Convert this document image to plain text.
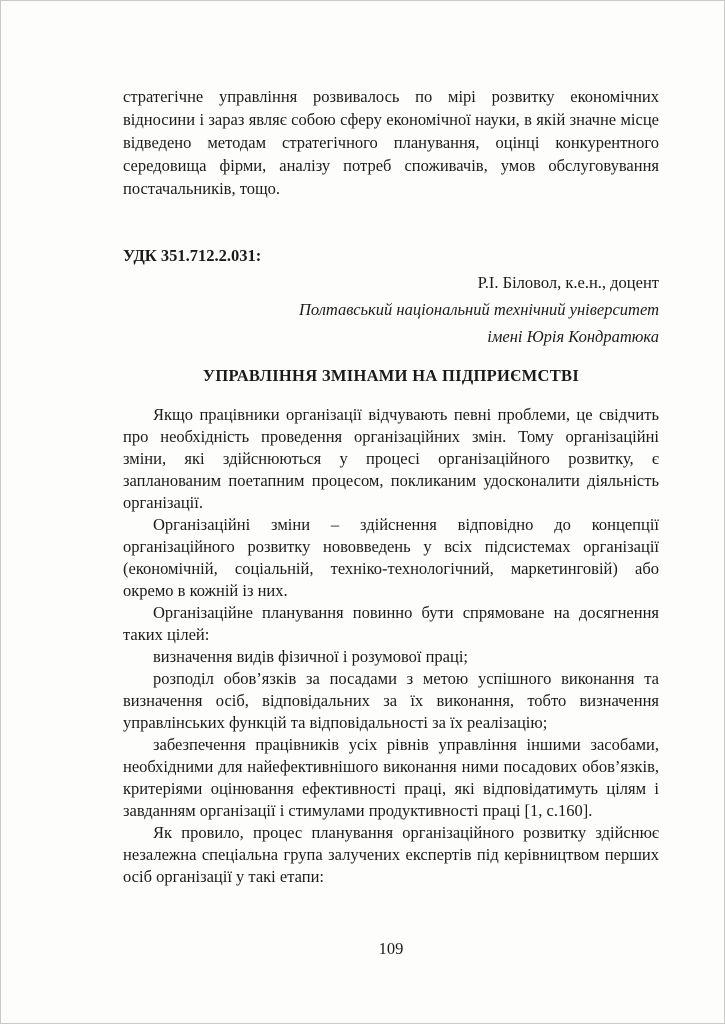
стратегічне управління розвивалось по мірі розвитку економічних відносини і зараз являє собою сферу економічної науки, в якій значне місце відведено методам стратегічного планування, оцінці конкурентного середовища фірми, аналізу потреб споживачів, умов обслуговування постачальників, тощо.

УДК 351.712.2.031:

Р.І. Біловол, к.е.н., доцент

Полтавський національний технічний університет

імені Юрія Кондратюка

УПРАВЛІННЯ ЗМІНАМИ НА ПІДПРИЄМСТВІ

Якщо працівники організації відчувають певні проблеми, це свідчить про необхідність проведення організаційних змін. Тому організаційні зміни, які здійснюються у процесі організаційного розвитку, є запланованим поетапним процесом, покликаним удосконалити діяльність організації.

Організаційні зміни – здійснення відповідно до концепції організаційного розвитку нововведень у всіх підсистемах організації (економічній, соціальній, техніко-технологічний, маркетинговій) або окремо в кожній із них.

Організаційне планування повинно бути спрямоване на досягнення таких цілей:

визначення видів фізичної і розумової праці;

розподіл обов’язків за посадами з метою успішного виконання та визначення осіб, відповідальних за їх виконання, тобто визначення управлінських функцій та відповідальності за їх реалізацію;

забезпечення працівників усіх рівнів управління іншими засобами, необхідними для найефективнішого виконання ними посадових обов’язків, критеріями оцінювання ефективності праці, які відповідатимуть цілям і завданням організації і стимулами продуктивності праці [1, с.160].

Як провило, процес планування організаційного розвитку здійснює незалежна спеціальна група залучених експертів під керівництвом перших осіб організації у такі етапи:

109
